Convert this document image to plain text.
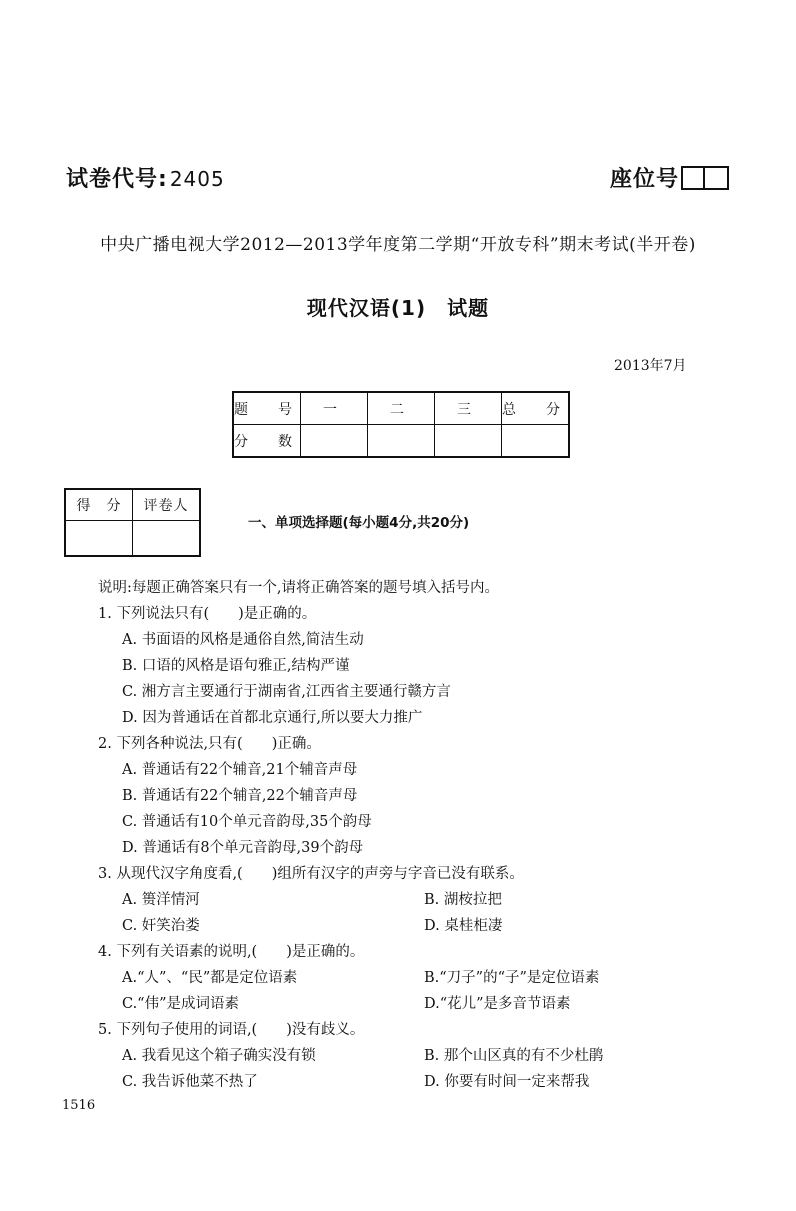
试卷代号: 2405	座位号
中央广播电视大学2012—2013学年度第二学期“开放专科”期末考试(半开卷)
现代汉语(1)　试题
2013年7月
题　号	一	二	三	总　分
分　数				
得　分	评卷人

一、单项选择题(每小题4分,共20分)
说明:每题正确答案只有一个,请将正确答案的题号填入括号内。
1. 下列说法只有(　　)是正确的。
A. 书面语的风格是通俗自然,简洁生动
B. 口语的风格是语句雅正,结构严谨
C. 湘方言主要通行于湖南省,江西省主要通行赣方言
D. 因为普通话在首都北京通行,所以要大力推广
2. 下列各种说法,只有(　　)正确。
A. 普通话有22个辅音,21个辅音声母
B. 普通话有22个辅音,22个辅音声母
C. 普通话有10个单元音韵母,35个韵母
D. 普通话有8个单元音韵母,39个韵母
3. 从现代汉字角度看,(　　)组所有汉字的声旁与字音已没有联系。
A. 篑洋情河	B. 湖桉拉把
C. 奸笑治娄	D. 桌桂柜凄
4. 下列有关语素的说明,(　　)是正确的。
A.“人”、“民”都是定位语素	B.“刀子”的“子”是定位语素
C.“伟”是成词语素	D.“花儿”是多音节语素
5. 下列句子使用的词语,(　　)没有歧义。
A. 我看见这个箱子确实没有锁	B. 那个山区真的有不少杜鹃
C. 我告诉他菜不热了	D. 你要有时间一定来帮我
1516
